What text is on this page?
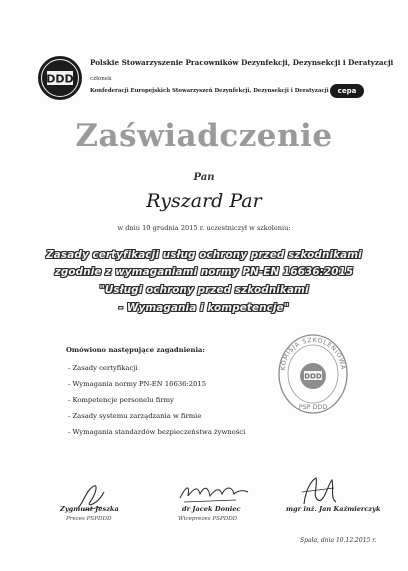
DDD
Polskie Stowarzyszenie Pracowników Dezynfekcji, Dezynsekcji i Deratyzacji
członek
Konfederacji Europejskich Stowarzyszeń Dezynfekcji, Dezynsekcji i Deratyzacji	cepa
Zaświadczenie
Pan
Ryszard Par
w dniu 10 grudnia 2015 r. uczestniczył w szkoleniu:
Zasady certyfikacji usług ochrony przed szkodnikami
zgodnie z wymaganiami normy PN-EN 16636:2015
"Usługi ochrony przed szkodnikami
- Wymagania i kompetencje"
Omówiono następujące zagadnienia:
- Zasady certyfikacji
- Wymagania normy PN-EN 16636:2015
- Kompetencje personelu firmy
- Zasady systemu zarządzania w firmie
- Wymagania standardów bezpieczeństwa żywności
KOMISJA SZKOLENIOWA
PSP DDD
DDD
Zygmunt Jeszka
Prezes PSPDDD
dr Jacek Doniec
Wiceprezes PSPDDD
mgr inż. Jan Kaźmierczyk
Spała, dnia 10.12.2015 r.
